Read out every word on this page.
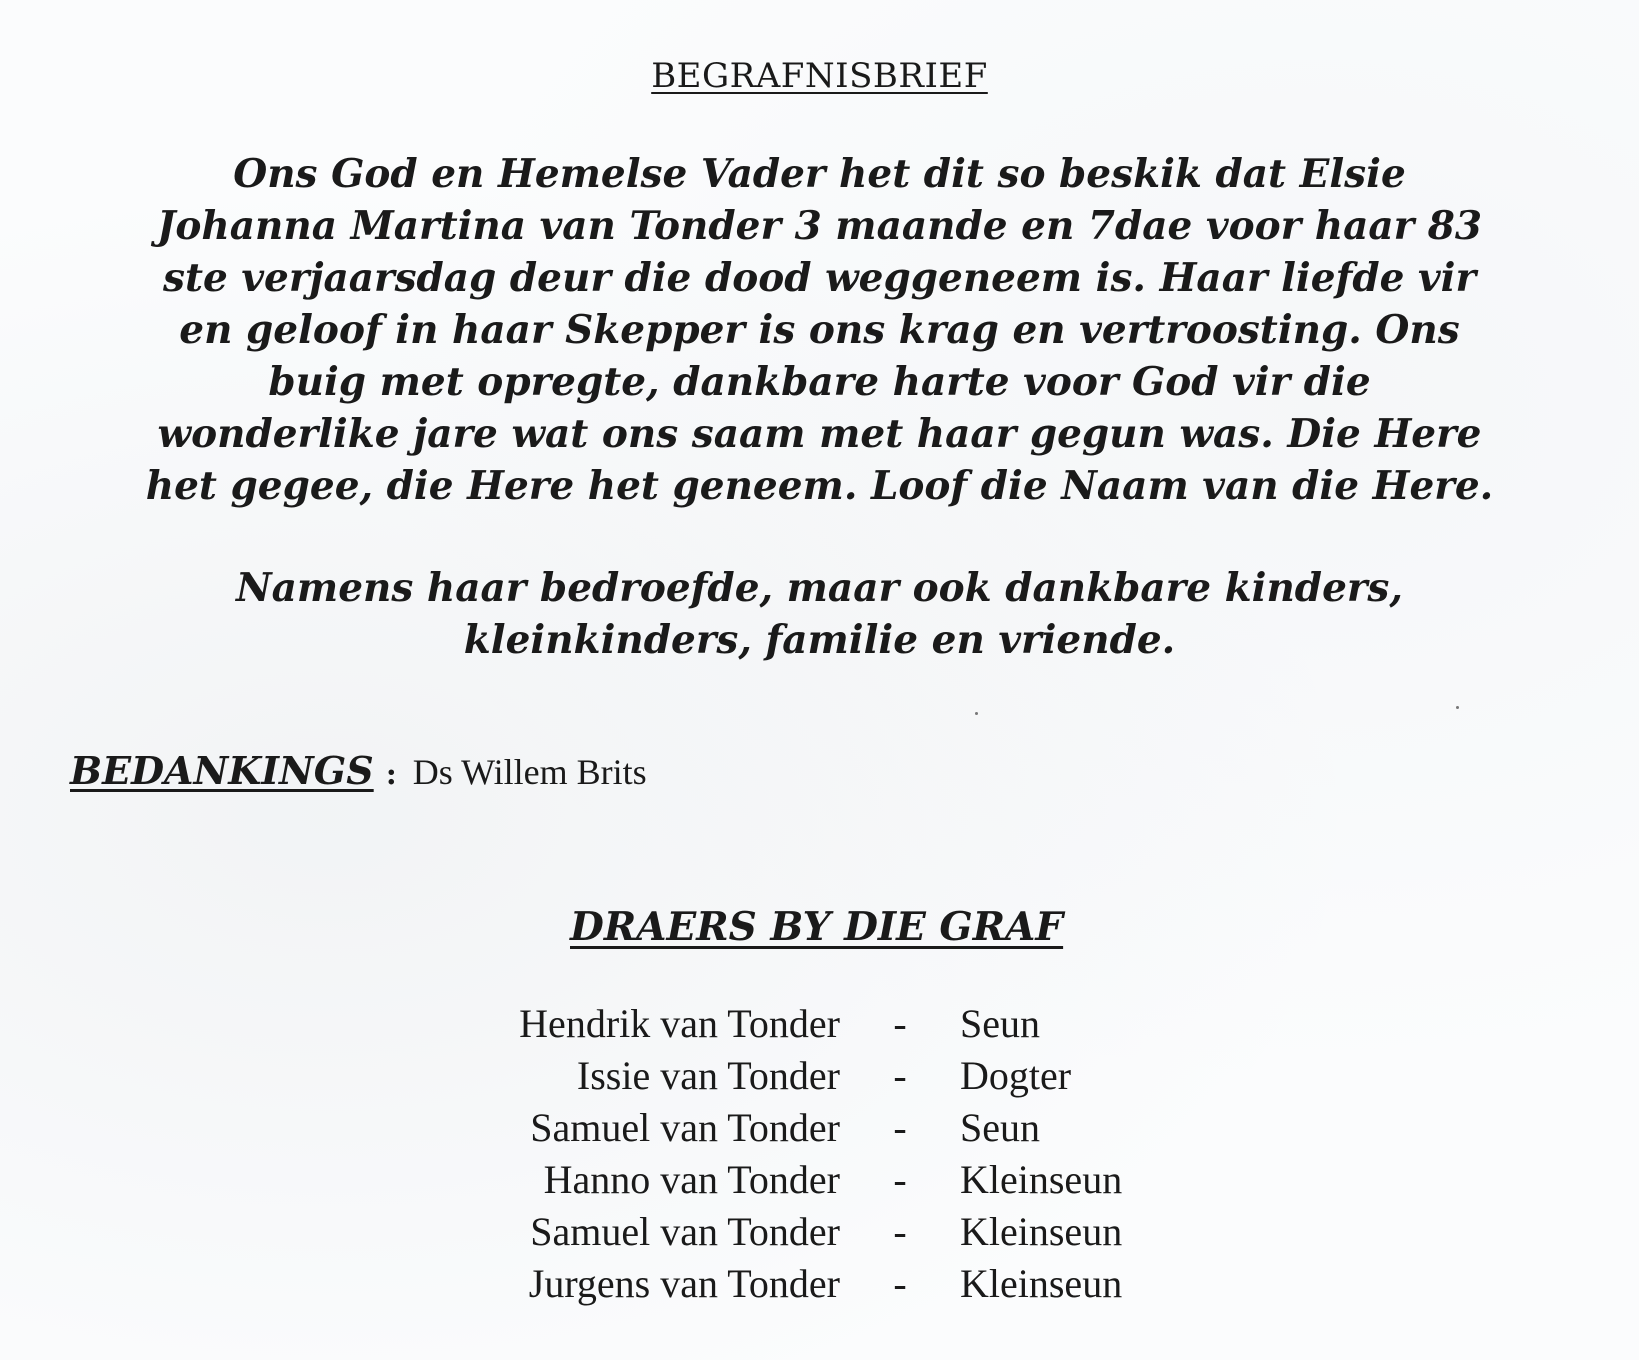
BEGRAFNISBRIEF

Ons God en Hemelse Vader het dit so beskik dat Elsie
Johanna Martina van Tonder 3 maande en 7dae voor haar 83
ste verjaarsdag deur die dood weggeneem is. Haar liefde vir
en geloof in haar Skepper is ons krag en vertroosting. Ons
buig met opregte, dankbare harte voor God vir die
wonderlike jare wat ons saam met haar gegun was. Die Here
het gegee, die Here het geneem. Loof die Naam van die Here.

Namens haar bedroefde, maar ook dankbare kinders,
kleinkinders, familie en vriende.

BEDANKINGS : Ds Willem Brits
DRAERS BY DIE GRAF
Hendrik van Tonder	-	Seun
Issie van Tonder	-	Dogter
Samuel van Tonder	-	Seun
Hanno van Tonder	-	Kleinseun
Samuel van Tonder	-	Kleinseun
Jurgens van Tonder	-	Kleinseun
